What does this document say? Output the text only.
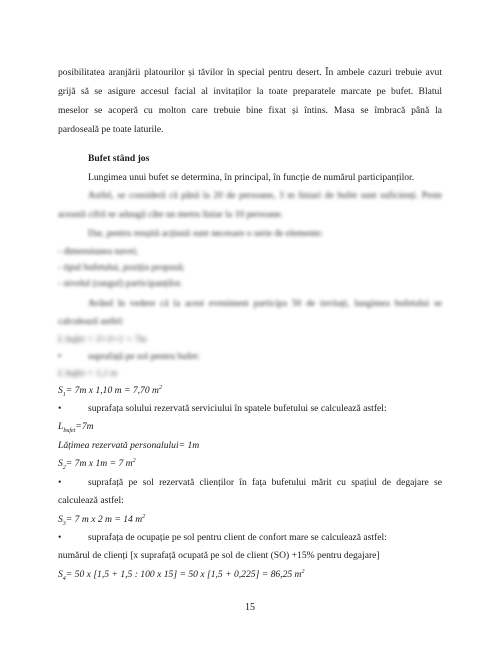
posibilitatea aranjării platourilor și tăvilor în special pentru desert. În ambele cazuri trebuie avut
grijă să se asigure accesul facial al invitaților la toate preparatele marcate pe bufet. Blatul
meselor se acoperă cu molton care trebuie bine fixat și întins. Masa se îmbracă până la
pardoseală pe toate laturile.
Bufet stând jos
Lungimea unui bufet se determina, în principal, în funcție de numărul participanților.
Astfel, se consideră că până la 20 de persoane, 3 m liniari de bufet sunt suficienți. Peste
această cifră se adaugă câte un metru liniar la 10 persoane.
Dar, pentru reușită acțiunii sunt necesare o serie de elemente:
- dimensiunea navei;
- tipul bufetului, poziția propusă;
- nivelul (rangul) participanților.
Având în vedere că la acest eveniment participa 50 de invitați, lungimea bufetului se
calculează astfel:
L bufet = 3+3+1 = 7m
•	suprafață pe sol pentru bufet:
L bufet = 1,1 m
$S_1= 7m$ x 1,10 m = 7,70 $m^2$
•	suprafața solului rezervată serviciului în spatele bufetului se calculează astfel:
$L_{bufet}=7m$
Lățimea rezervată personalului= 1m
$S_2= 7m$ x 1m = 7 $m^2$
•	suprafață pe sol rezervată clienților în fața bufetului mărit cu spațiul de degajare se
calculează astfel:
$S_3= 7$ m x 2 m = 14 $m^2$
•	suprafața de ocupație pe sol pentru client de confort mare se calculează astfel:
numărul de clienți [x suprafață ocupată pe sol de client (SO) +15% pentru degajare]
$S_4= 50$ x [1,5 + 1,5 : 100 x 15] = 50 x [1,5 + 0,225] = 86,25 $m^2$
15
